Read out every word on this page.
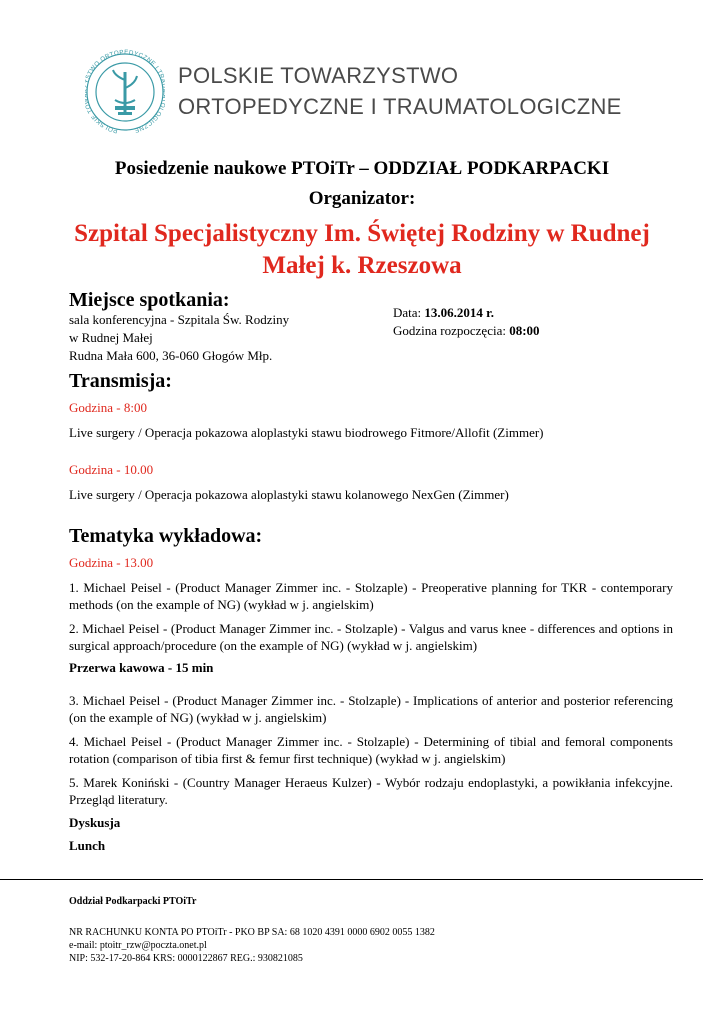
POLSKIE T STWO ORTOPEDYCZNE I TR LOGICZNE
POLSKIE TOWARZYSTWO
ORTOPEDYCZNE I TRAUMATOLOGICZNE
Posiedzenie naukowe PTOiTr – ODDZIAŁ PODKARPACKI
Organizator:
Szpital Specjalistyczny Im. Świętej Rodziny w Rudnej
Małej k. Rzeszowa
Miejsce spotkania:
sala konferencyjna - Szpitala Św. Rodziny
w Rudnej Małej
Rudna Mała 600, 36-060 Głogów Młp.
Data: 13.06.2014 r.
Godzina rozpoczęcia: 08:00
Transmisja:
Godzina - 8:00
Live surgery / Operacja pokazowa aloplastyki stawu biodrowego Fitmore/Allofit (Zimmer)
Godzina - 10.00
Live surgery / Operacja pokazowa aloplastyki stawu kolanowego NexGen (Zimmer)
Tematyka wykładowa:
Godzina - 13.00
1. Michael Peisel - (Product Manager Zimmer inc. - Stolzaple) - Preoperative planning for TKR - contemporary methods (on the example of NG) (wykład w j. angielskim)
2. Michael Peisel - (Product Manager Zimmer inc. - Stolzaple) - Valgus and varus knee - differences and options in surgical approach/procedure (on the example of NG) (wykład w j. angielskim)
Przerwa kawowa - 15 min
3. Michael Peisel - (Product Manager Zimmer inc. - Stolzaple) - Implications of anterior and posterior referencing (on the example of NG) (wykład w j. angielskim)
4. Michael Peisel - (Product Manager Zimmer inc. - Stolzaple) - Determining of tibial and femoral components rotation (comparison of tibia first & femur first technique) (wykład w j. angielskim)
5. Marek Koniński - (Country Manager Heraeus Kulzer) - Wybór rodzaju endoplastyki, a powikłania infekcyjne. Przegląd literatury.
Dyskusja
Lunch
Oddział Podkarpacki PTOiTr
NR RACHUNKU KONTA PO PTOiTr - PKO BP SA: 68 1020 4391 0000 6902 0055 1382
e-mail: ptoitr_rzw@poczta.onet.pl
NIP: 532-17-20-864 KRS: 0000122867 REG.: 930821085
